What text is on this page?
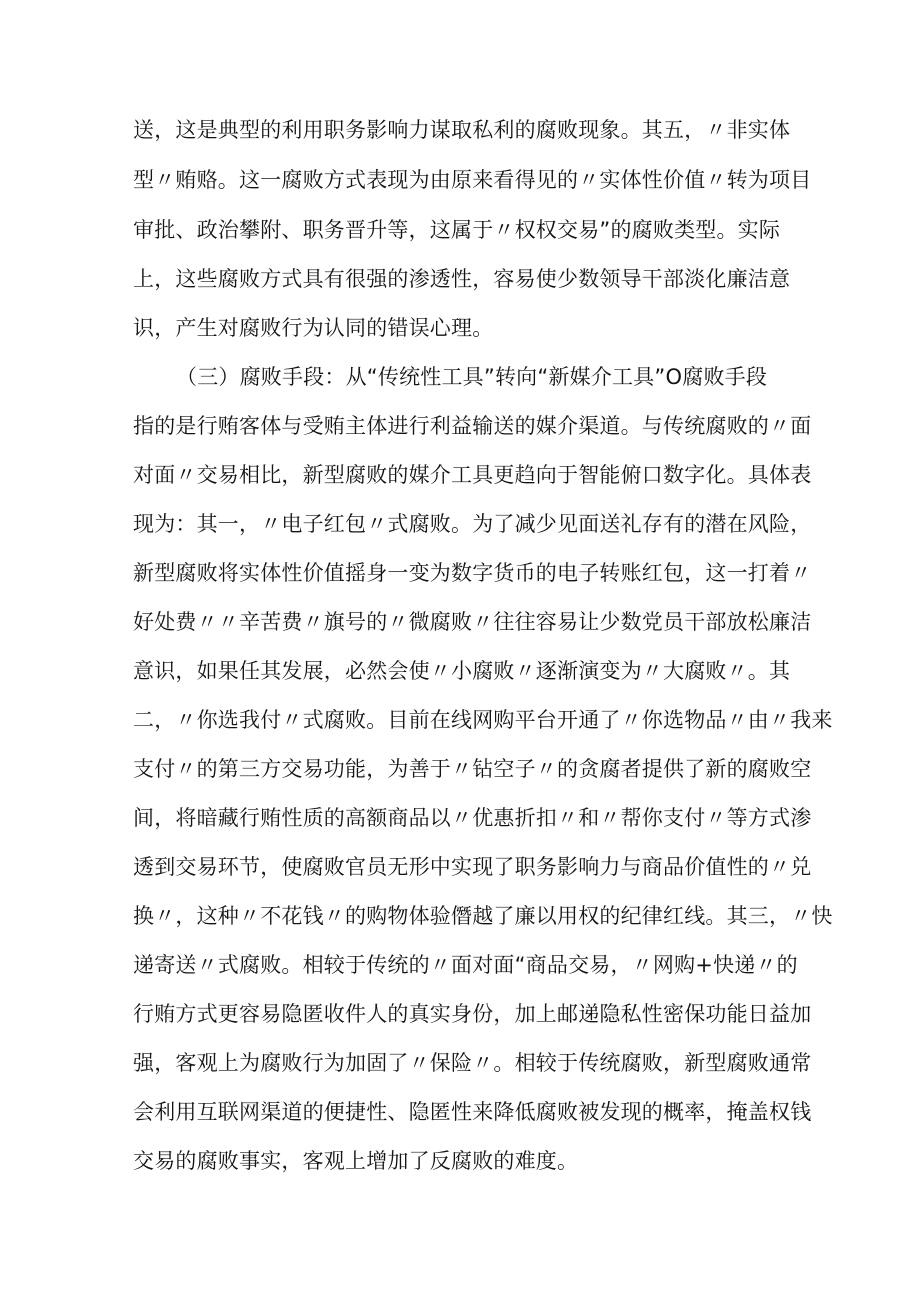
送，这是典型的利用职务影响力谋取私利的腐败现象。其五，〃非实体
型〃贿赂。这一腐败方式表现为由原来看得见的〃实体性价值〃转为项目
审批、政治攀附、职务晋升等，这属于〃权权交易”的腐败类型。实际
上，这些腐败方式具有很强的渗透性，容易使少数领导干部淡化廉洁意
识，产生对腐败行为认同的错误心理。
（三）腐败手段：从“传统性工具”转向“新媒介工具”O腐败手段
指的是行贿客体与受贿主体进行利益输送的媒介渠道。与传统腐败的〃面
对面〃交易相比，新型腐败的媒介工具更趋向于智能俯口数字化。具体表
现为：其一，〃电子红包〃式腐败。为了减少见面送礼存有的潜在风险，
新型腐败将实体性价值摇身一变为数字货币的电子转账红包，这一打着〃
好处费〃〃辛苦费〃旗号的〃微腐败〃往往容易让少数党员干部放松廉洁
意识，如果任其发展，必然会使〃小腐败〃逐渐演变为〃大腐败〃。其
二，〃你选我付〃式腐败。目前在线网购平台开通了〃你选物品〃由〃我来
支付〃的第三方交易功能，为善于〃钻空子〃的贪腐者提供了新的腐败空
间，将暗藏行贿性质的高额商品以〃优惠折扣〃和〃帮你支付〃等方式渗
透到交易环节，使腐败官员无形中实现了职务影响力与商品价值性的〃兑
换〃，这种〃不花钱〃的购物体验僭越了廉以用权的纪律红线。其三，〃快
递寄送〃式腐败。相较于传统的〃面对面“商品交易，〃网购+快递〃的
行贿方式更容易隐匿收件人的真实身份，加上邮递隐私性密保功能日益加
强，客观上为腐败行为加固了〃保险〃。相较于传统腐败，新型腐败通常
会利用互联网渠道的便捷性、隐匿性来降低腐败被发现的概率，掩盖权钱
交易的腐败事实，客观上增加了反腐败的难度。
